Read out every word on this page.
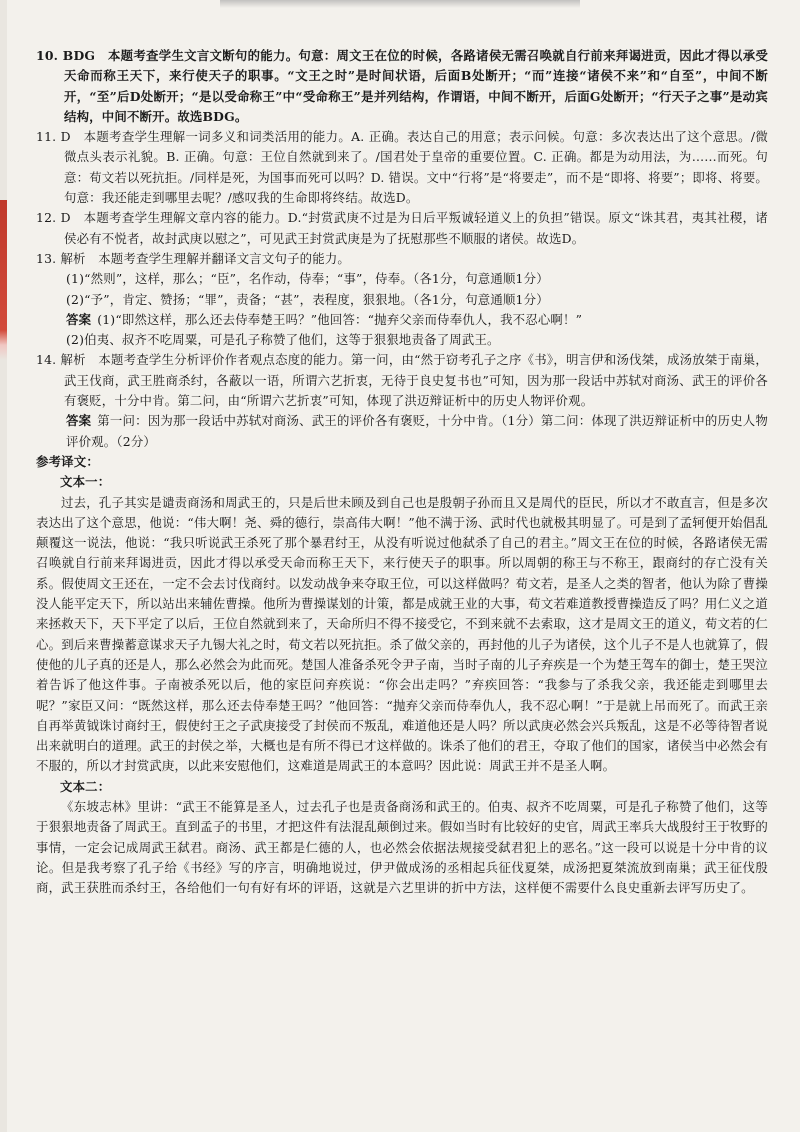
10. BDG　本题考查学生文言文断句的能力。句意：周文王在位的时候，各路诸侯无需召唤就自行前来拜谒进贡，因此才得以承受天命而称王天下，来行使天子的职事。“文王之时”是时间状语，后面B处断开；“而”连接“诸侯不来”和“自至”，中间不断开，“至”后D处断开；“是以受命称王”中“受命称王”是并列结构，作谓语，中间不断开，后面G处断开；“行天子之事”是动宾结构，中间不断开。故选BDG。

11. D　本题考查学生理解一词多义和词类活用的能力。A. 正确。表达自己的用意；表示问候。句意：多次表达出了这个意思。/微微点头表示礼貌。B. 正确。句意：王位自然就到来了。/国君处于皇帝的重要位置。C. 正确。都是为动用法，为……而死。句意：荀文若以死抗拒。/同样是死，为国事而死可以吗？D. 错误。文中“行将”是“将要走”，而不是“即将、将要”；即将、将要。句意：我还能走到哪里去呢？/感叹我的生命即将终结。故选D。

12. D　本题考查学生理解文章内容的能力。D.“封赏武庚不过是为日后平叛诚轻道义上的负担”错误。原文“诛其君，夷其社稷，诸侯必有不悦者，故封武庚以慰之”，可见武王封赏武庚是为了抚慰那些不顺服的诸侯。故选D。

13. 解析　本题考查学生理解并翻译文言文句子的能力。

(1)“然则”，这样，那么；“臣”，名作动，侍奉；“事”，侍奉。（各1分，句意通顺1分）

(2)“予”，肯定、赞扬；“罪”，责备；“甚”，表程度，狠狠地。（各1分，句意通顺1分）

答案 (1)“即然这样，那么还去侍奉楚王吗？”他回答：“抛弃父亲而侍奉仇人，我不忍心啊！”

(2)伯夷、叔齐不吃周粟，可是孔子称赞了他们，这等于狠狠地责备了周武王。

14. 解析　本题考查学生分析评价作者观点态度的能力。第一问，由“然于窃考孔子之序《书》，明言伊和汤伐桀，成汤放桀于南巢，武王伐商，武王胜商杀纣，各蔽以一语，所谓六艺折衷，无待于良史复书也”可知，因为那一段话中苏轼对商汤、武王的评价各有褒贬，十分中肯。第二问，由“所谓六艺折衷”可知，体现了洪迈辩证析中的历史人物评价观。

答案 第一问：因为那一段话中苏轼对商汤、武王的评价各有褒贬，十分中肯。（1分）第二问：体现了洪迈辩证析中的历史人物评价观。（2分）

参考译文：

文本一：

过去，孔子其实是谴责商汤和周武王的，只是后世未顾及到自己也是殷朝子孙而且又是周代的臣民，所以才不敢直言，但是多次表达出了这个意思，他说：“伟大啊！尧、舜的德行，崇高伟大啊！”他不满于汤、武时代也就极其明显了。可是到了孟轲便开始倡乱颠覆这一说法，他说：“我只听说武王杀死了那个暴君纣王，从没有听说过他弑杀了自己的君主。”周文王在位的时候，各路诸侯无需召唤就自行前来拜谒进贡，因此才得以承受天命而称王天下，来行使天子的职事。所以周朝的称王与不称王，跟商纣的存亡没有关系。假使周文王还在，一定不会去讨伐商纣。以发动战争来夺取王位，可以这样做吗？荀文若，是圣人之类的智者，他认为除了曹操没人能平定天下，所以站出来辅佐曹操。他所为曹操谋划的计策，都是成就王业的大事，荀文若难道教授曹操造反了吗？用仁义之道来拯救天下，天下平定了以后，王位自然就到来了，天命所归不得不接受它，不到来就不去索取，这才是周文王的道义，荀文若的仁心。到后来曹操蓄意谋求天子九锡大礼之时，荀文若以死抗拒。杀了做父亲的，再封他的儿子为诸侯，这个儿子不是人也就算了，假使他的儿子真的还是人，那么必然会为此而死。楚国人准备杀死令尹子南，当时子南的儿子弃疾是一个为楚王驾车的御士，楚王哭泣着告诉了他这件事。子南被杀死以后，他的家臣问弃疾说：“你会出走吗？”弃疾回答：“我参与了杀我父亲，我还能走到哪里去呢？”家臣又问：“既然这样，那么还去侍奉楚王吗？”他回答：“抛弃父亲而侍奉仇人，我不忍心啊！”于是就上吊而死了。而武王亲自再举黄钺诛讨商纣王，假使纣王之子武庚接受了封侯而不叛乱，难道他还是人吗？所以武庚必然会兴兵叛乱，这是不必等待智者说出来就明白的道理。武王的封侯之举，大概也是有所不得已才这样做的。诛杀了他们的君王，夺取了他们的国家，诸侯当中必然会有不服的，所以才封赏武庚，以此来安慰他们，这难道是周武王的本意吗？因此说：周武王并不是圣人啊。

文本二：

《东坡志林》里讲：“武王不能算是圣人，过去孔子也是责备商汤和武王的。伯夷、叔齐不吃周粟，可是孔子称赞了他们，这等于狠狠地责备了周武王。直到孟子的书里，才把这件有法混乱颠倒过来。假如当时有比较好的史官，周武王率兵大战殷纣王于牧野的事情，一定会记成周武王弑君。商汤、武王都是仁德的人，也必然会依据法规接受弑君犯上的恶名。”这一段可以说是十分中肯的议论。但是我考察了孔子给《书经》写的序言，明确地说过，伊尹做成汤的丞相起兵征伐夏桀，成汤把夏桀流放到南巢；武王征伐殷商，武王获胜而杀纣王，各给他们一句有好有坏的评语，这就是六艺里讲的折中方法，这样便不需要什么良史重新去评写历史了。
